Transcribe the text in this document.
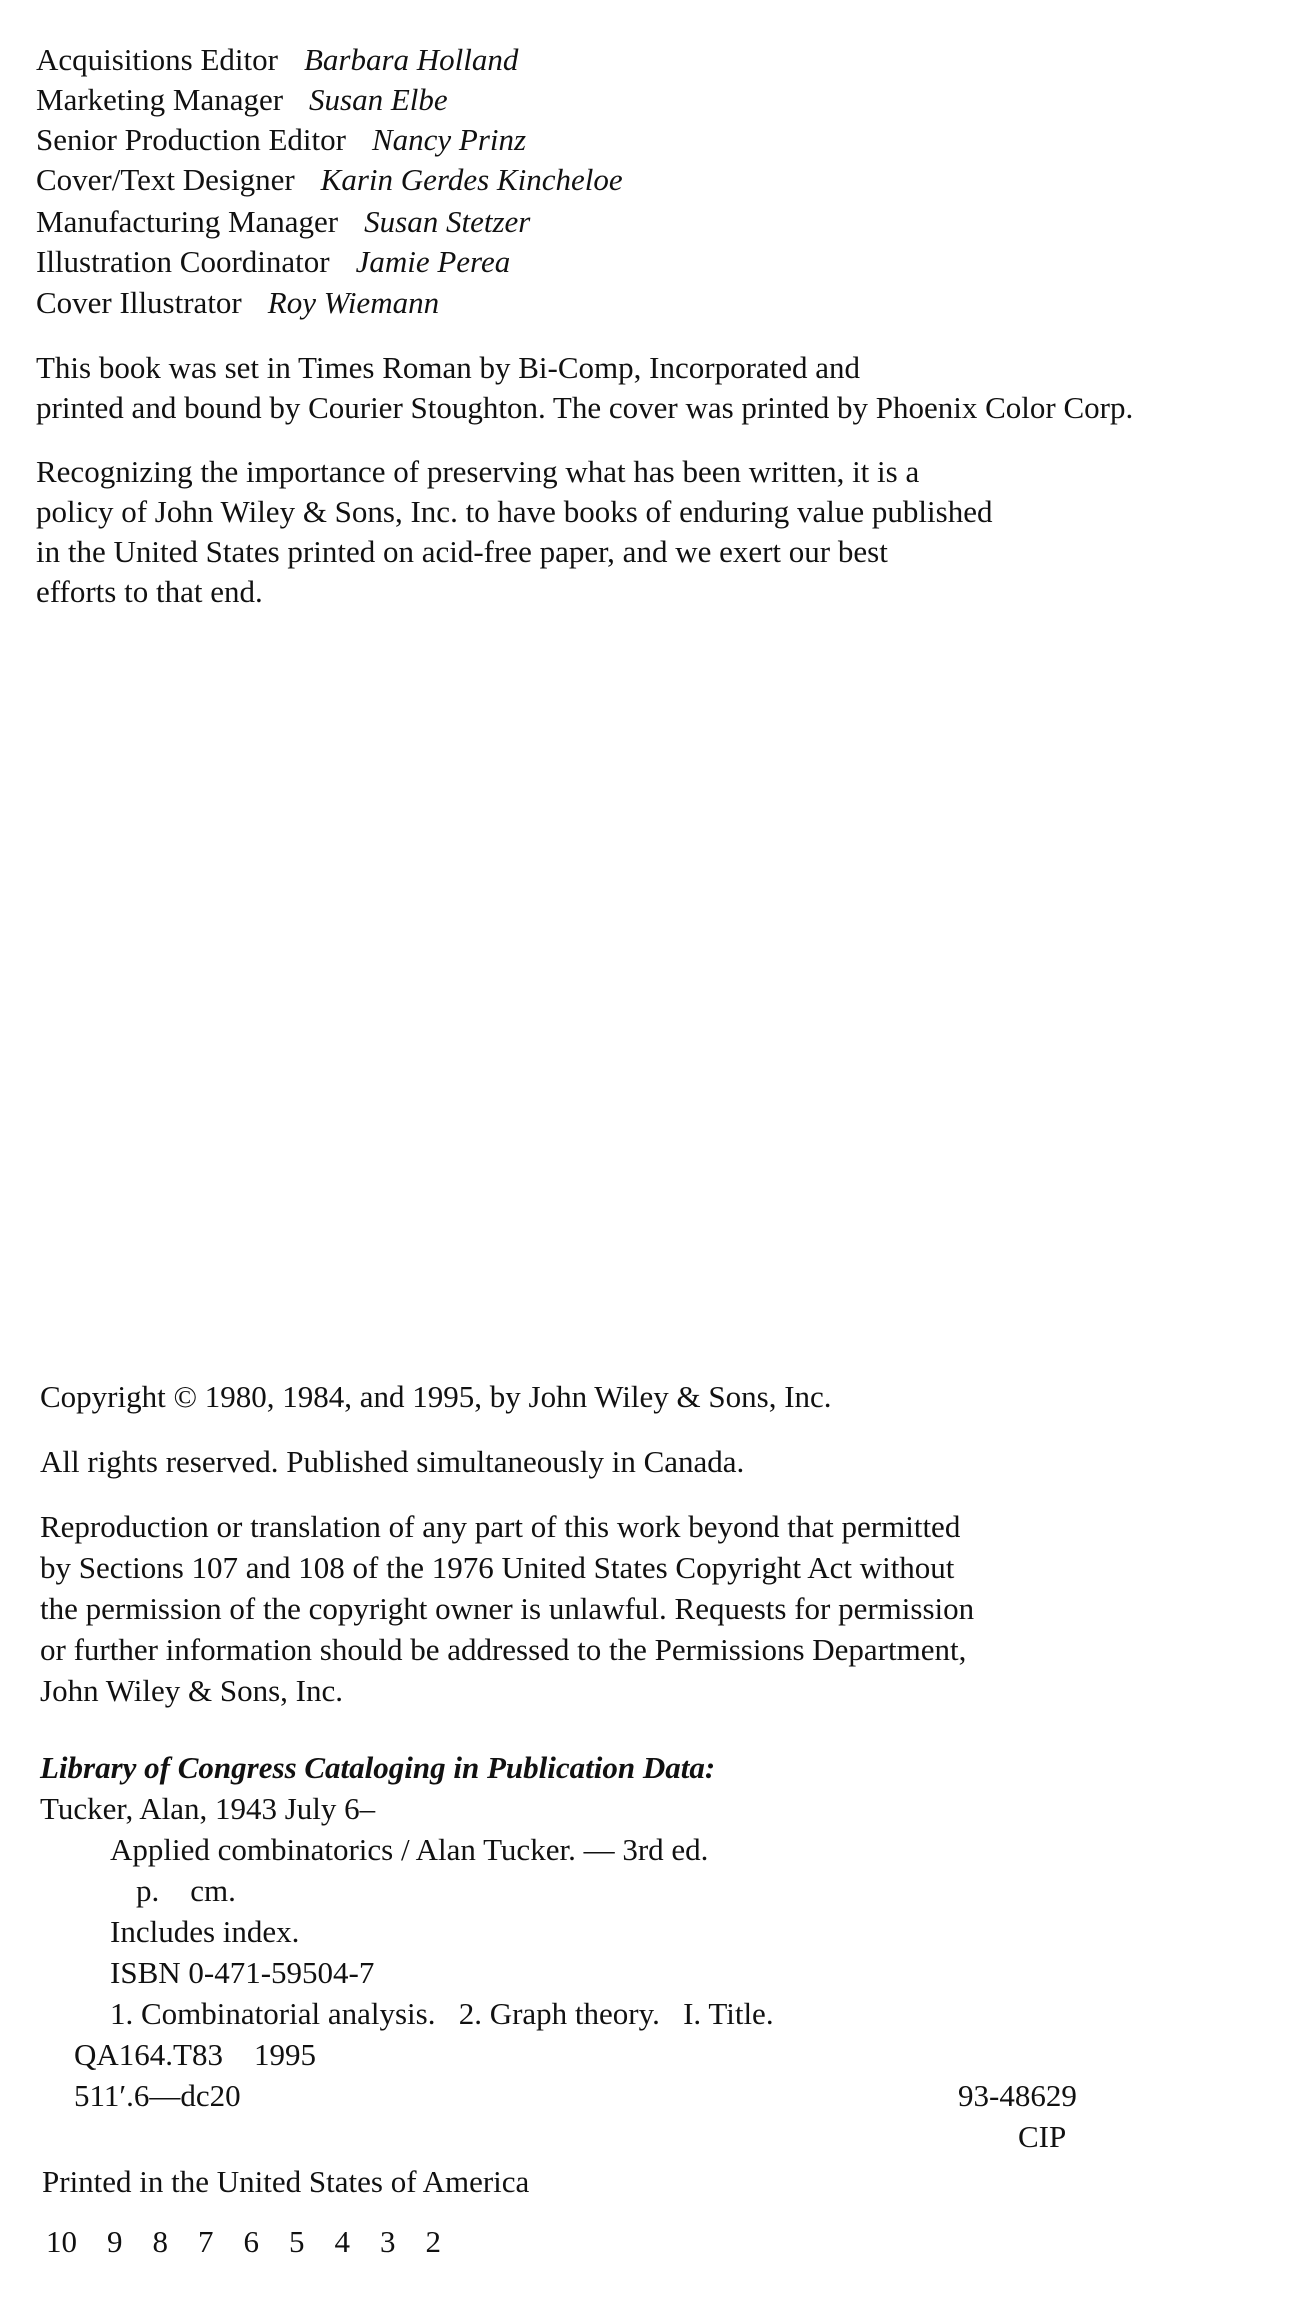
Acquisitions Editor Barbara Holland
Marketing Manager Susan Elbe
Senior Production Editor Nancy Prinz
Cover/Text Designer Karin Gerdes Kincheloe
Manufacturing Manager Susan Stetzer
Illustration Coordinator Jamie Perea
Cover Illustrator Roy Wiemann
This book was set in Times Roman by Bi-Comp, Incorporated and
printed and bound by Courier Stoughton. The cover was printed by Phoenix Color Corp.
Recognizing the importance of preserving what has been written, it is a
policy of John Wiley & Sons, Inc. to have books of enduring value published
in the United States printed on acid-free paper, and we exert our best
efforts to that end.
Copyright © 1980, 1984, and 1995, by John Wiley & Sons, Inc.
All rights reserved. Published simultaneously in Canada.
Reproduction or translation of any part of this work beyond that permitted
by Sections 107 and 108 of the 1976 United States Copyright Act without
the permission of the copyright owner is unlawful. Requests for permission
or further information should be addressed to the Permissions Department,
John Wiley & Sons, Inc.
Library of Congress Cataloging in Publication Data:
Tucker, Alan, 1943 July 6–
Applied combinatorics / Alan Tucker. — 3rd ed.
p.    cm.
Includes index.
ISBN 0-471-59504-7
1. Combinatorial analysis.   2. Graph theory.   I. Title.
QA164.T83    1995
511′.6—dc20	93-48629
CIP
Printed in the United States of America
10 9 8 7 6 5 4 3 2
